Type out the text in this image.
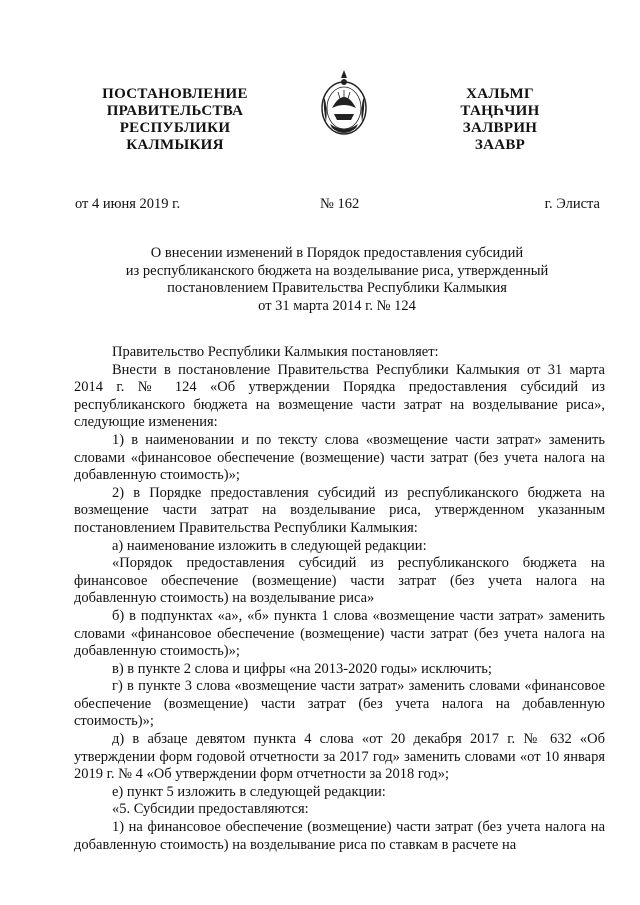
ПОСТАНОВЛЕНИЕ
ПРАВИТЕЛЬСТВА
РЕСПУБЛИКИ
КАЛМЫКИЯ
ХАЛЬМГ
ТАҢҺЧИН
ЗАЛВРИН
ЗААВР
от 4 июня 2019 г.	№ 162	г. Элиста
О внесении изменений в Порядок предоставления субсидий
из республиканского бюджета на возделывание риса, утвержденный
постановлением Правительства Республики Калмыкия
от 31 марта 2014 г. № 124

Правительство Республики Калмыкия постановляет:

Внести в постановление Правительства Республики Калмыкия от 31 марта 2014 г. № 124 «Об утверждении Порядка предоставления субсидий из республиканского бюджета на возмещение части затрат на возделывание риса», следующие изменения:

1) в наименовании и по тексту слова «возмещение части затрат» заменить словами «финансовое обеспечение (возмещение) части затрат (без учета налога на добавленную стоимость)»;

2) в Порядке предоставления субсидий из республиканского бюджета на возмещение части затрат на возделывание риса, утвержденном указанным постановлением Правительства Республики Калмыкия:

а) наименование изложить в следующей редакции:

«Порядок предоставления субсидий из республиканского бюджета на финансовое обеспечение (возмещение) части затрат (без учета налога на добавленную стоимость) на возделывание риса»

б) в подпунктах «а», «б» пункта 1 слова «возмещение части затрат» заменить словами «финансовое обеспечение (возмещение) части затрат (без учета налога на добавленную стоимость)»;

в) в пункте 2 слова и цифры «на 2013-2020 годы» исключить;

г) в пункте 3 слова «возмещение части затрат» заменить словами «финансовое обеспечение (возмещение) части затрат (без учета налога на добавленную стоимость)»;

д) в абзаце девятом пункта 4 слова «от 20 декабря 2017 г. № 632 «Об утверждении форм годовой отчетности за 2017 год» заменить словами «от 10 января 2019 г. № 4 «Об утверждении форм отчетности за 2018 год»;

е) пункт 5 изложить в следующей редакции:

«5. Субсидии предоставляются:

1) на финансовое обеспечение (возмещение) части затрат (без учета налога на добавленную стоимость) на возделывание риса по ставкам в расчете на
